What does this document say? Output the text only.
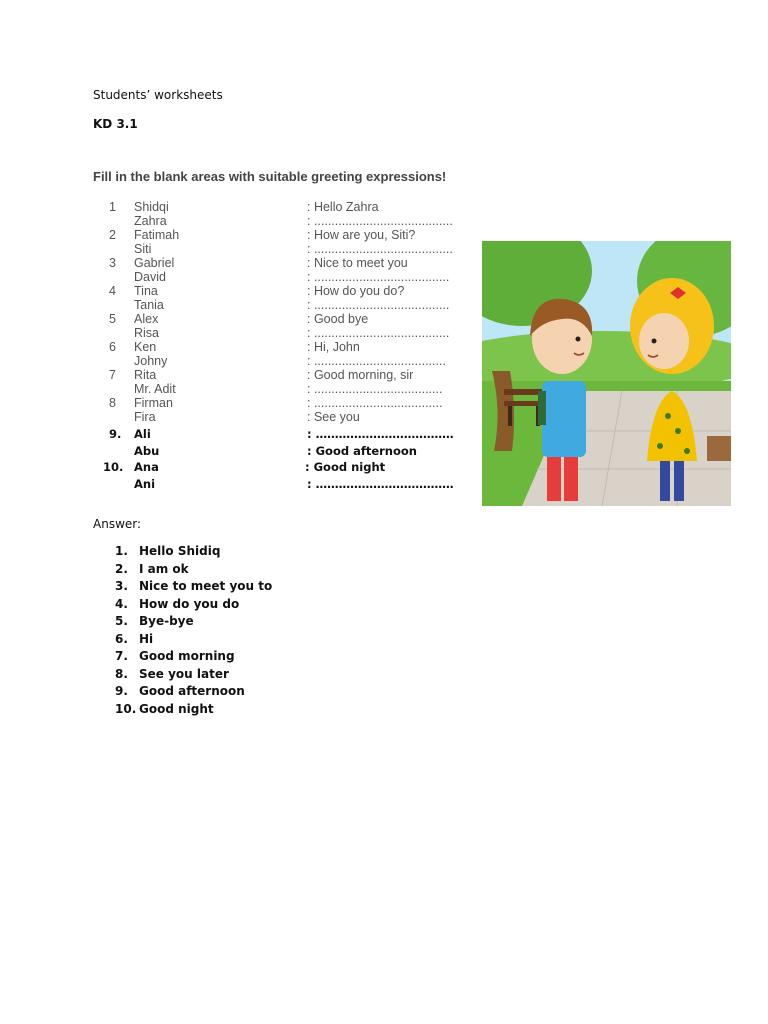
Students’ worksheets
KD 3.1
Fill in the blank areas with suitable greeting expressions!
1	Shidqi	: Hello Zahra
Zahra	: ........................................
2	Fatimah	: How are you, Siti?
Siti	: ........................................
3	Gabriel	: Nice to meet you
David	: .......................................
4	Tina	: How do you do?
Tania	: .......................................
5	Alex	: Good bye
Risa	: .......................................
6	Ken	: Hi, John
Johny	: ......................................
7	Rita	: Good morning, sir
Mr. Adit	: .....................................
8	Firman	: .....................................
Fira	: See you
9.	Ali	: ………………………………
Abu	: Good afternoon
10. Ana	: Good night
Ani	: ………………………………
Answer:
1. Hello Shidiq
2. I am ok
3. Nice to meet you to
4. How do you do
5. Bye-bye
6. Hi
7. Good morning
8. See you later
9. Good afternoon
10. Good night
